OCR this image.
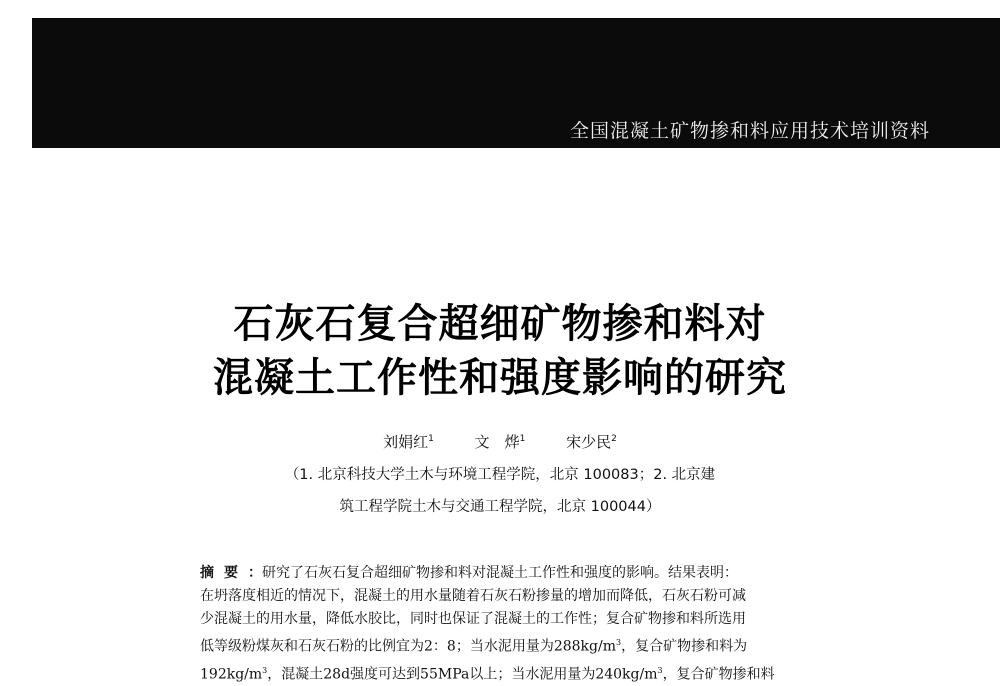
全国混凝土矿物掺和料应用技术培训资料
石灰石复合超细矿物掺和料对
混凝土工作性和强度影响的研究
刘娟红$^1$	文　烨$^1$	宋少民$^2$
（1. 北京科技大学土木与环境工程学院，北京 100083；2. 北京建
筑工程学院土木与交通工程学院，北京 100044）
摘要：研究了石灰石复合超细矿物掺和料对混凝土工作性和强度的影响。结果表明：
在坍落度相近的情况下，混凝土的用水量随着石灰石粉掺量的增加而降低，石灰石粉可减
少混凝土的用水量，降低水胶比，同时也保证了混凝土的工作性；复合矿物掺和料所选用
低等级粉煤灰和石灰石粉的比例宜为2：8；当水泥用量为$288kg/m^3$，复合矿物掺和料为
$192kg/m^3$，混凝土28d强度可达到55MPa以上；当水泥用量为$240kg/m^3$，复合矿物掺和料
